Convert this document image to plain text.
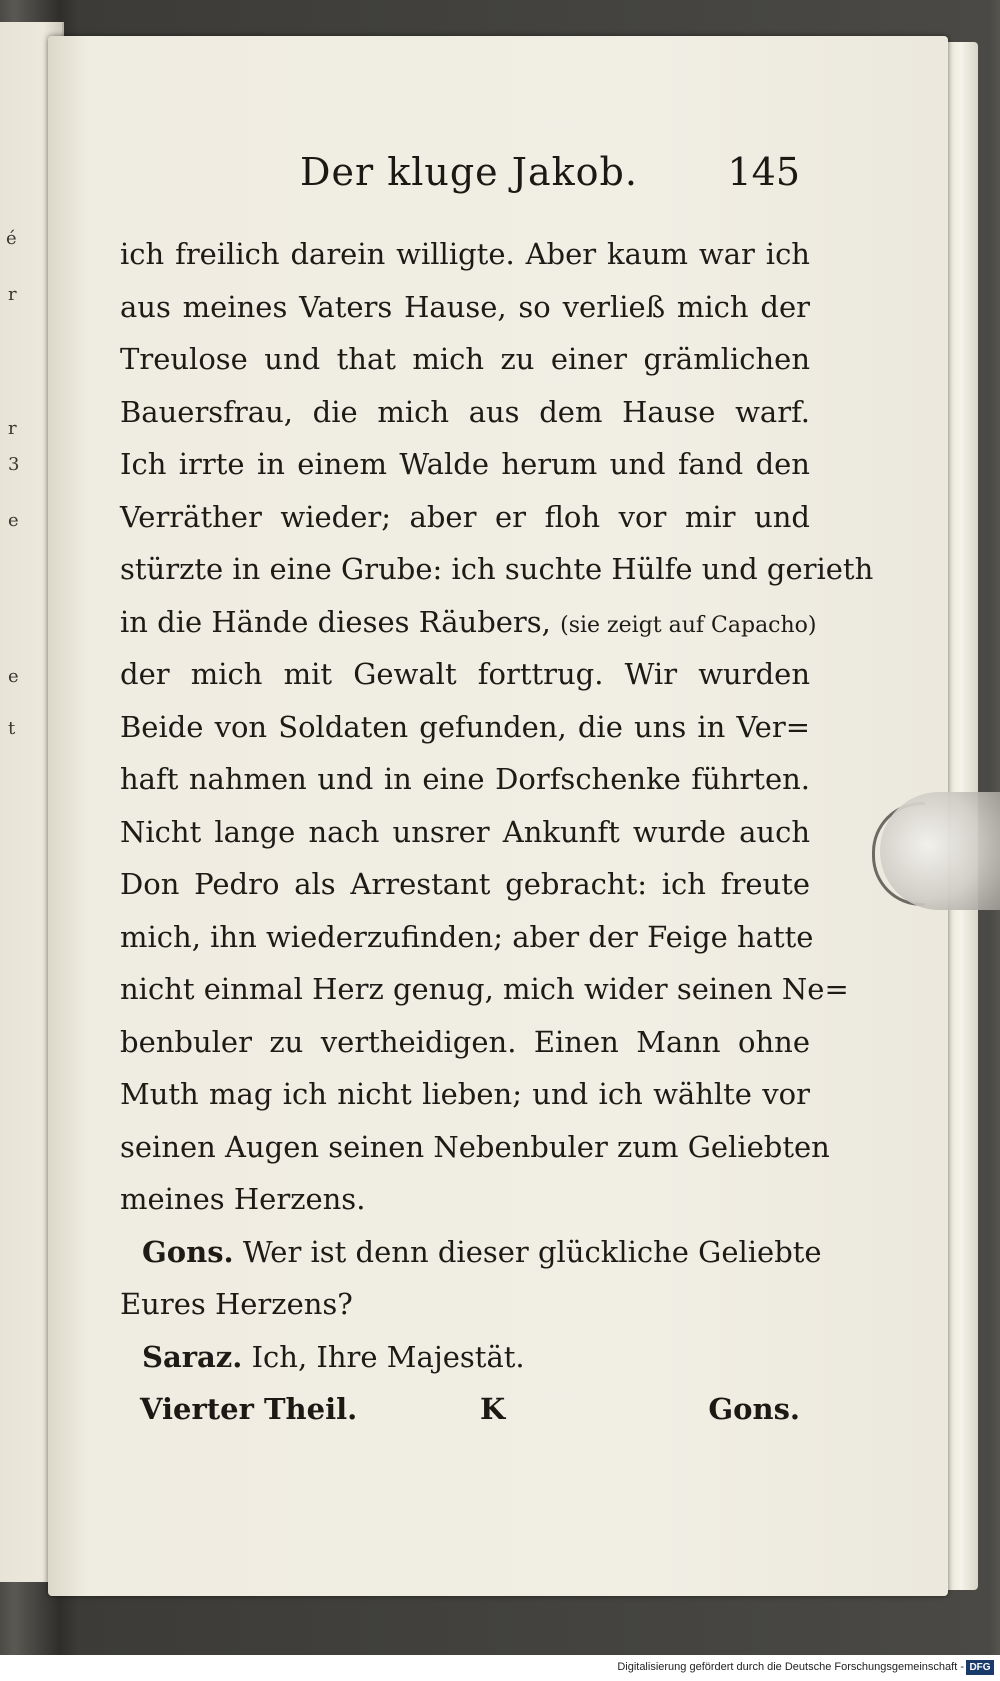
é
r
r
3
e
e
t
Der kluge Jakob. 145
ich freilich darein willigte. Aber kaum war ich
aus meines Vaters Hause, so verließ mich der
Treulose und that mich zu einer grämlichen
Bauersfrau, die mich aus dem Hause warf.
Ich irrte in einem Walde herum und fand den
Verräther wieder; aber er floh vor mir und
stürzte in eine Grube: ich suchte Hülfe und gerieth
in die Hände dieses Räubers, (sie zeigt auf Capacho)
der mich mit Gewalt forttrug. Wir wurden
Beide von Soldaten gefunden, die uns in Ver=
haft nahmen und in eine Dorfschenke führten.
Nicht lange nach unsrer Ankunft wurde auch
Don Pedro als Arrestant gebracht: ich freute
mich, ihn wiederzufinden; aber der Feige hatte
nicht einmal Herz genug, mich wider seinen Ne=
benbuler zu vertheidigen. Einen Mann ohne
Muth mag ich nicht lieben; und ich wählte vor
seinen Augen seinen Nebenbuler zum Geliebten
meines Herzens.
Gons. Wer ist denn dieser glückliche Geliebte
Eures Herzens?
Saraz. Ich, Ihre Majestät.
Vierter Theil.	K	Gons.
Digitalisierung gefördert durch die Deutsche Forschungsgemeinschaft - DFG
